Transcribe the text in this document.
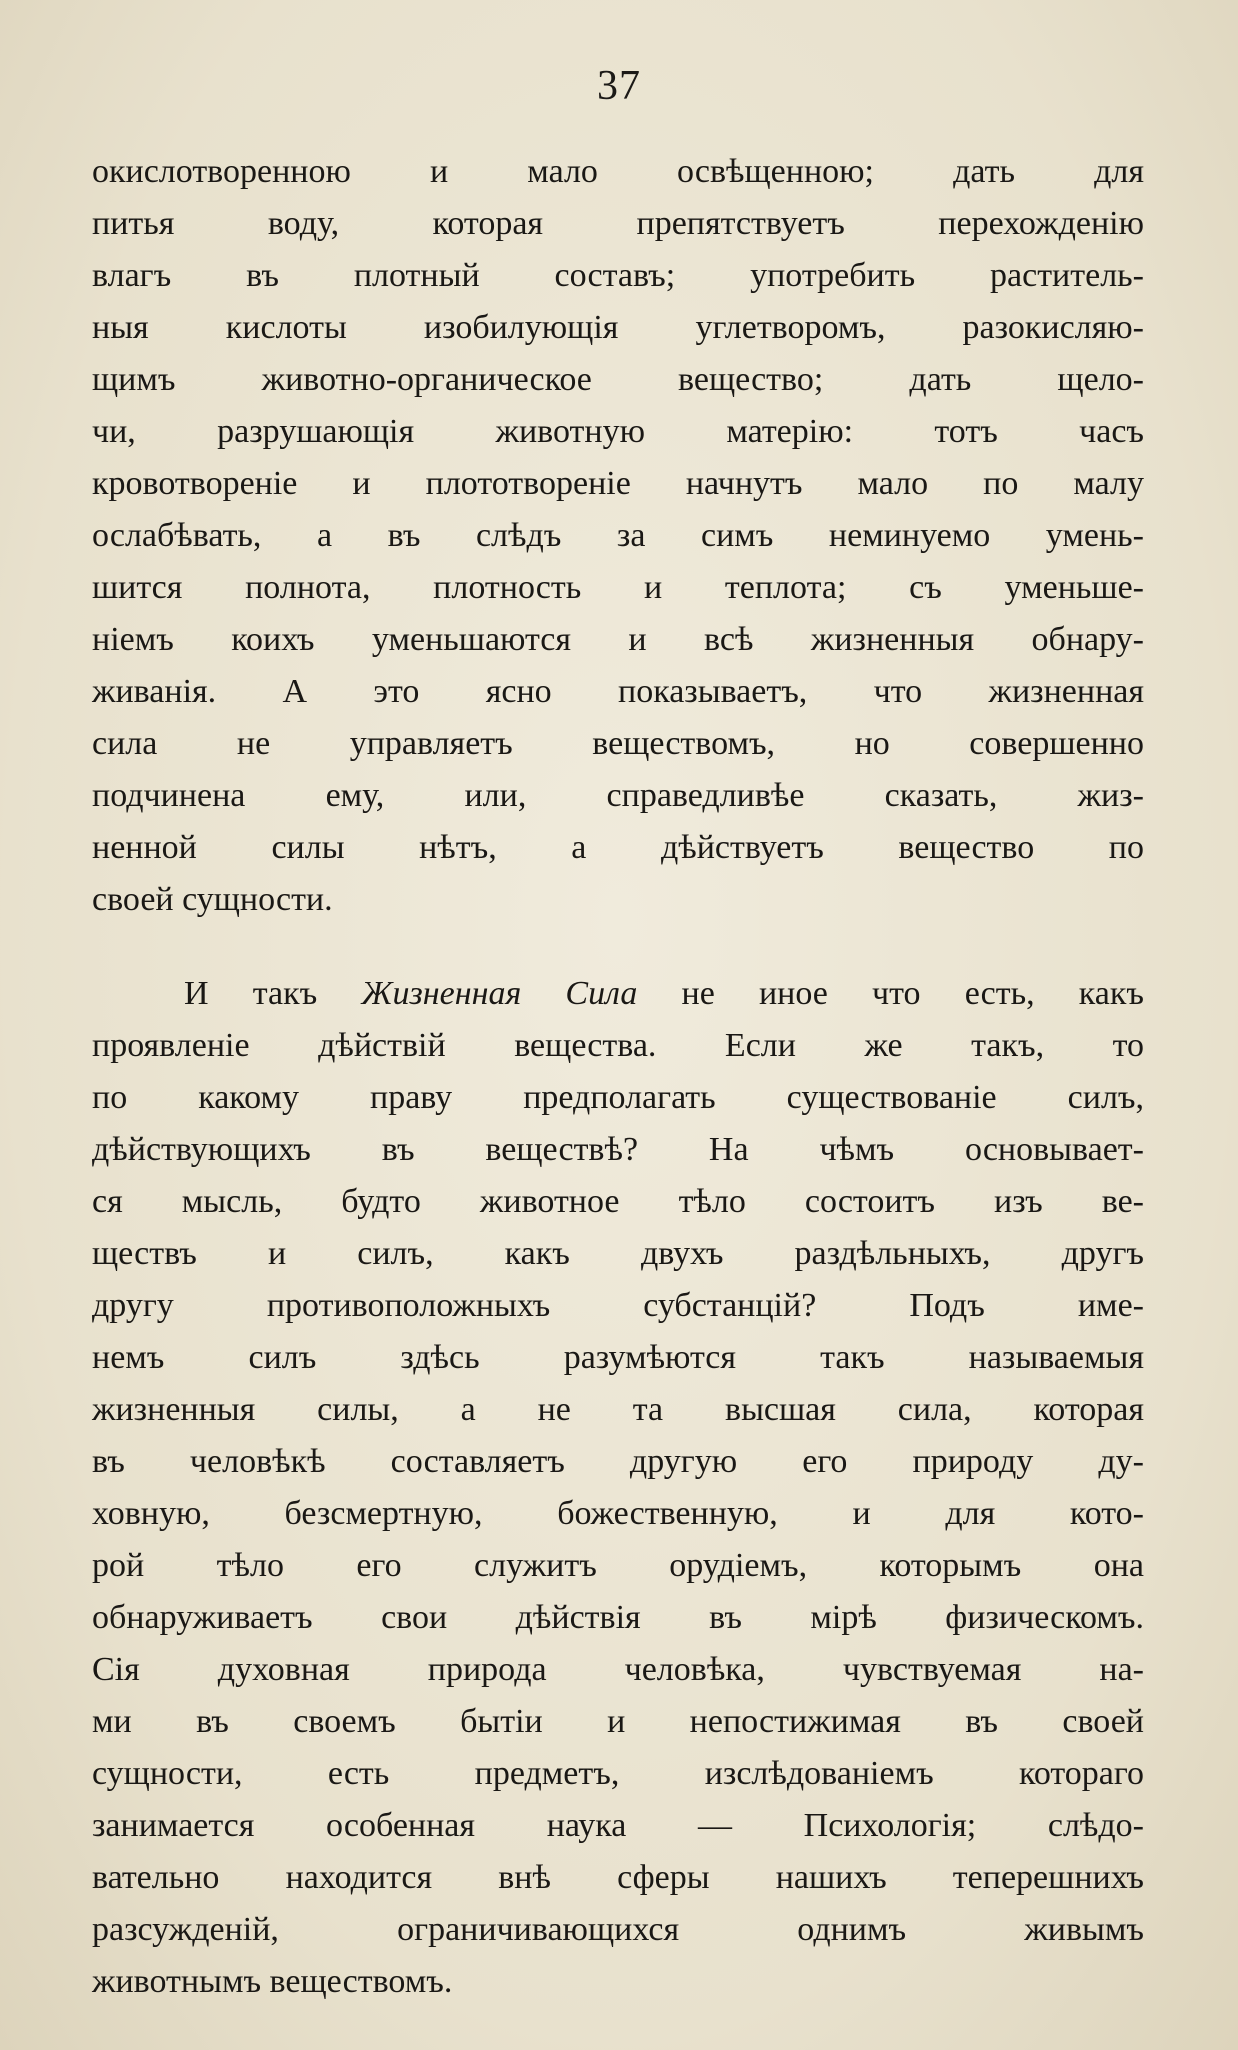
37
окислотворенною и мало освѣщенною; дать для
питья воду, которая препятствуетъ перехожденію
влагъ въ плотный составъ; употребить раститель-
ныя кислоты изобилующія углетворомъ, разокисляю-
щимъ животно-органическое вещество; дать щело-
чи, разрушающія животную матерію: тотъ часъ
кровотвореніе и плототвореніе начнутъ мало по малу
ослабѣвать, а въ слѣдъ за симъ неминуемо умень-
шится полнота, плотность и теплота; съ уменьше-
ніемъ коихъ уменьшаются и всѣ жизненныя обнару-
живанія. А это ясно показываетъ, что жизненная
сила не управляетъ веществомъ, но совершенно
подчинена ему, или, справедливѣе сказать, жиз-
ненной силы нѣтъ, а дѣйствуетъ вещество по
своей сущности.
И такъ Жизненная Сила не иное что есть, какъ
проявленіе дѣйствій вещества. Если же такъ, то
по какому праву предполагать существованіе силъ,
дѣйствующихъ въ веществѣ? На чѣмъ основывает-
ся мысль, будто животное тѣло состоитъ изъ ве-
ществъ и силъ, какъ двухъ раздѣльныхъ, другъ
другу противоположныхъ субстанцій? Подъ име-
немъ силъ здѣсь разумѣются такъ называемыя
жизненныя силы, а не та высшая сила, которая
въ человѣкѣ составляетъ другую его природу ду-
ховную, безсмертную, божественную, и для кото-
рой тѣло его служитъ орудіемъ, которымъ она
обнаруживаетъ свои дѣйствія въ мірѣ физическомъ.
Сія духовная природа человѣка, чувствуемая на-
ми въ своемъ бытіи и непостижимая въ своей
сущности, есть предметъ, изслѣдованіемъ котораго
занимается особенная наука — Психологія; слѣдо-
вательно находится внѣ сферы нашихъ теперешнихъ
разсужденій, ограничивающихся однимъ живымъ
животнымъ веществомъ.
